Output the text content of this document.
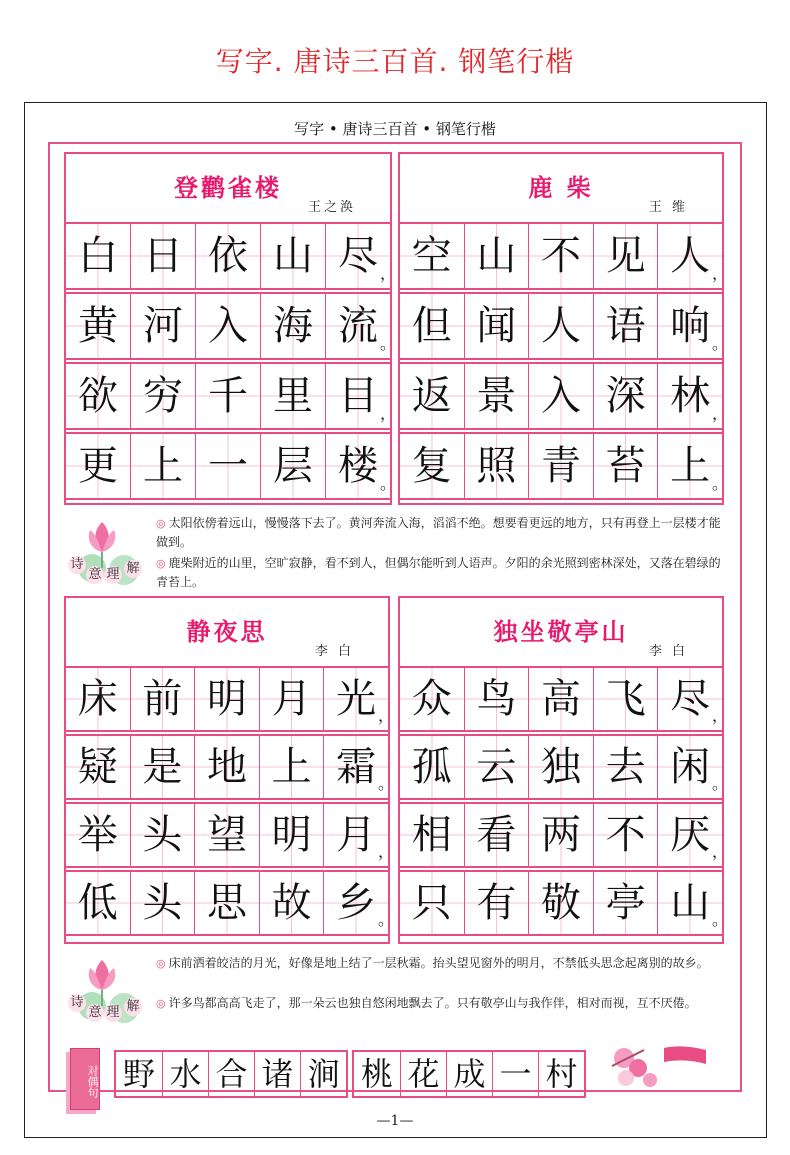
写字. 唐诗三百首. 钢笔行楷
写字 • 唐诗三百首 • 钢笔行楷
登鹳雀楼
王之涣
白 日 依 山 尽 ，
黄 河 入 海 流 。
欲 穷 千 里 目 ，
更 上 一 层 楼 。
鹿 柴
王 维
空 山 不 见 人 ，
但 闻 人 语 响 。
返 景 入 深 林 ，
复 照 青 苔 上 。
静夜思
李 白
床 前 明 月 光 ，
疑 是 地 上 霜 。
举 头 望 明 月 ，
低 头 思 故 乡 。
独坐敬亭山
李 白
众 鸟 高 飞 尽 ，
孤 云 独 去 闲 。
相 看 两 不 厌 ，
只 有 敬 亭 山 。
诗
意 理 解
◎ 太阳依傍着远山，慢慢落下去了。黄河奔流入海，滔滔不绝。想要看更远的地方，只有再登上一层楼才能做到。
◎ 鹿柴附近的山里，空旷寂静，看不到人，但偶尔能听到人语声。夕阳的余光照到密林深处，又落在碧绿的青苔上。
诗
意 理 解
◎ 床前洒着皎洁的月光，好像是地上结了一层秋霜。抬头望见窗外的明月，不禁低头思念起离别的故乡。
◎ 许多鸟都高高飞走了，那一朵云也独自悠闲地飘去了。只有敬亭山与我作伴，相对而视，互不厌倦。
对偶句 野 水 合 诸 涧 桃 花 成 一 村
—1—
